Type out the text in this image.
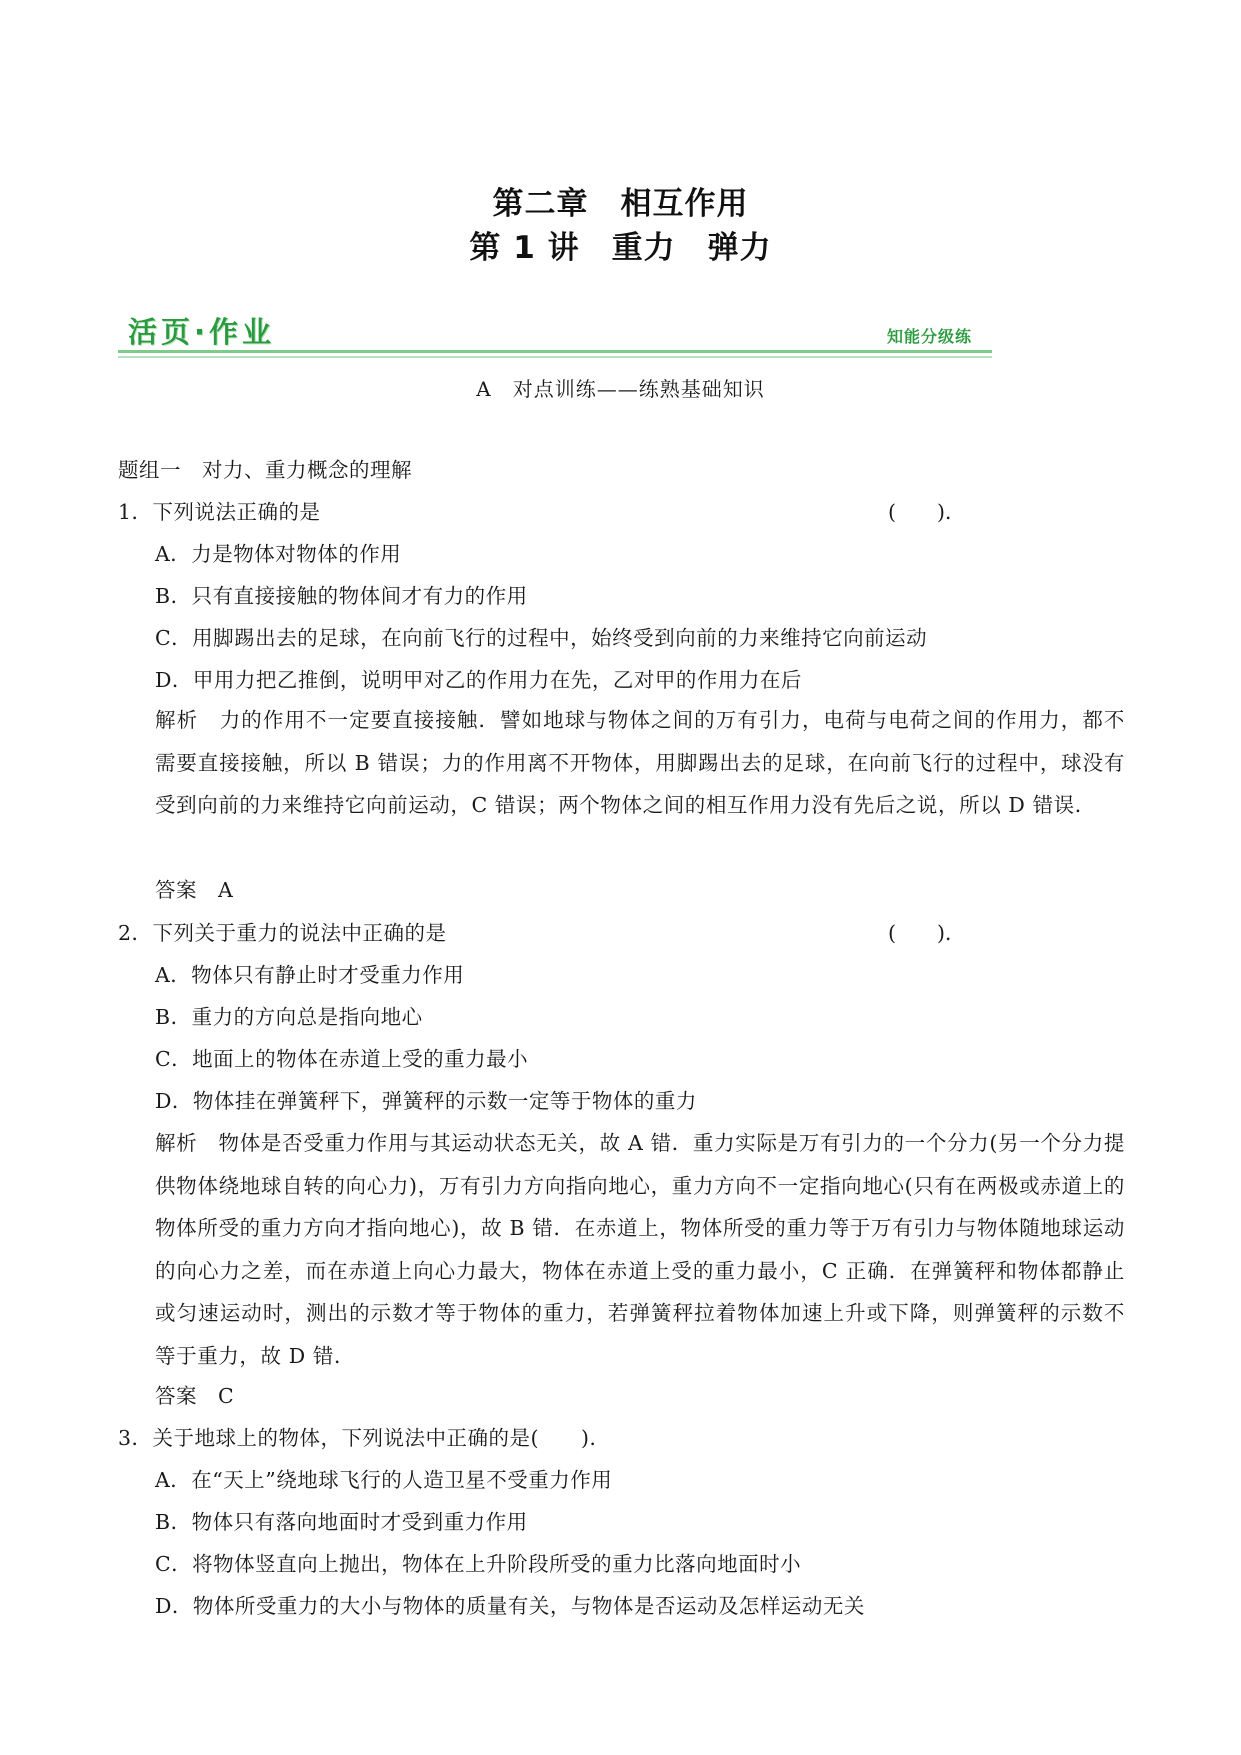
第二章　相互作用
第 1 讲　重力　弹力
活页·作业	知能分级练
A　对点训练——练熟基础知识
题组一　对力、重力概念的理解
1．下列说法正确的是	(　　)．
A．力是物体对物体的作用
B．只有直接接触的物体间才有力的作用
C．用脚踢出去的足球，在向前飞行的过程中，始终受到向前的力来维持它向前运动
D．甲用力把乙推倒，说明甲对乙的作用力在先，乙对甲的作用力在后
解析　力的作用不一定要直接接触．譬如地球与物体之间的万有引力，电荷与电荷之间的作用力，都不需要直接接触，所以 B 错误；力的作用离不开物体，用脚踢出去的足球，在向前飞行的过程中，球没有受到向前的力来维持它向前运动，C 错误；两个物体之间的相互作用力没有先后之说，所以 D 错误．
答案　A
2．下列关于重力的说法中正确的是	(　　)．
A．物体只有静止时才受重力作用
B．重力的方向总是指向地心
C．地面上的物体在赤道上受的重力最小
D．物体挂在弹簧秤下，弹簧秤的示数一定等于物体的重力
解析　物体是否受重力作用与其运动状态无关，故 A 错．重力实际是万有引力的一个分力(另一个分力提供物体绕地球自转的向心力)，万有引力方向指向地心，重力方向不一定指向地心(只有在两极或赤道上的物体所受的重力方向才指向地心)，故 B 错．在赤道上，物体所受的重力等于万有引力与物体随地球运动的向心力之差，而在赤道上向心力最大，物体在赤道上受的重力最小，C 正确．在弹簧秤和物体都静止或匀速运动时，测出的示数才等于物体的重力，若弹簧秤拉着物体加速上升或下降，则弹簧秤的示数不等于重力，故 D 错．
答案　C
3．关于地球上的物体，下列说法中正确的是(　　)．
A．在“天上”绕地球飞行的人造卫星不受重力作用
B．物体只有落向地面时才受到重力作用
C．将物体竖直向上抛出，物体在上升阶段所受的重力比落向地面时小
D．物体所受重力的大小与物体的质量有关，与物体是否运动及怎样运动无关
